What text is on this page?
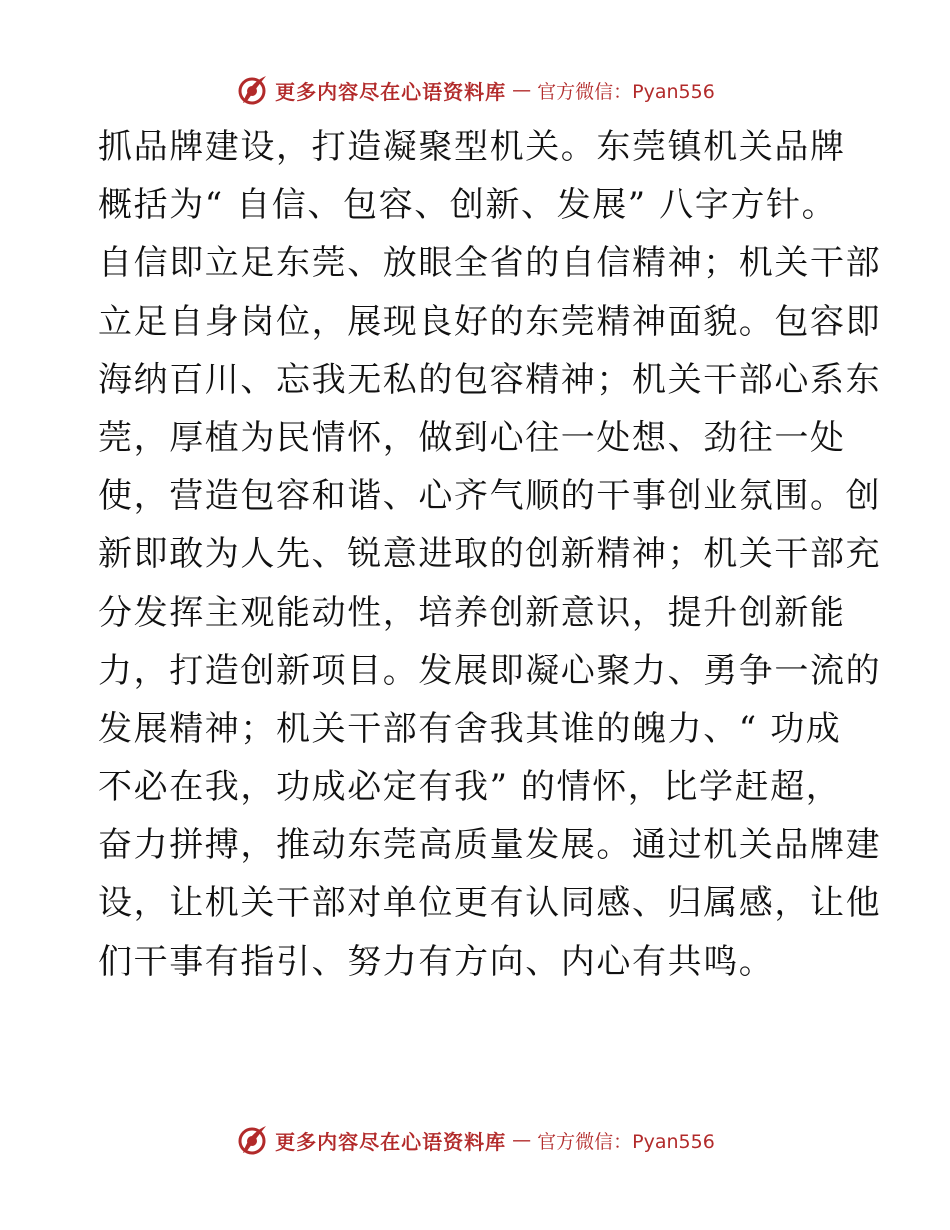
更多内容尽在心语资料库 — 官方微信：Pyan556
抓品牌建设，打造凝聚型机关。东莞镇机关品牌
概括为“ 自信、包容、创新、发展” 八字方针。
自信即立足东莞、放眼全省的自信精神；机关干部
立足自身岗位，展现良好的东莞精神面貌。包容即
海纳百川、忘我无私的包容精神；机关干部心系东
莞，厚植为民情怀，做到心往一处想、劲往一处
使，营造包容和谐、心齐气顺的干事创业氛围。创
新即敢为人先、锐意进取的创新精神；机关干部充
分发挥主观能动性，培养创新意识，提升创新能
力，打造创新项目。发展即凝心聚力、勇争一流的
发展精神；机关干部有舍我其谁的魄力、“ 功成
不必在我，功成必定有我” 的情怀，比学赶超，
奋力拼搏，推动东莞高质量发展。通过机关品牌建
设，让机关干部对单位更有认同感、归属感，让他
们干事有指引、努力有方向、内心有共鸣。
更多内容尽在心语资料库 — 官方微信：Pyan556
